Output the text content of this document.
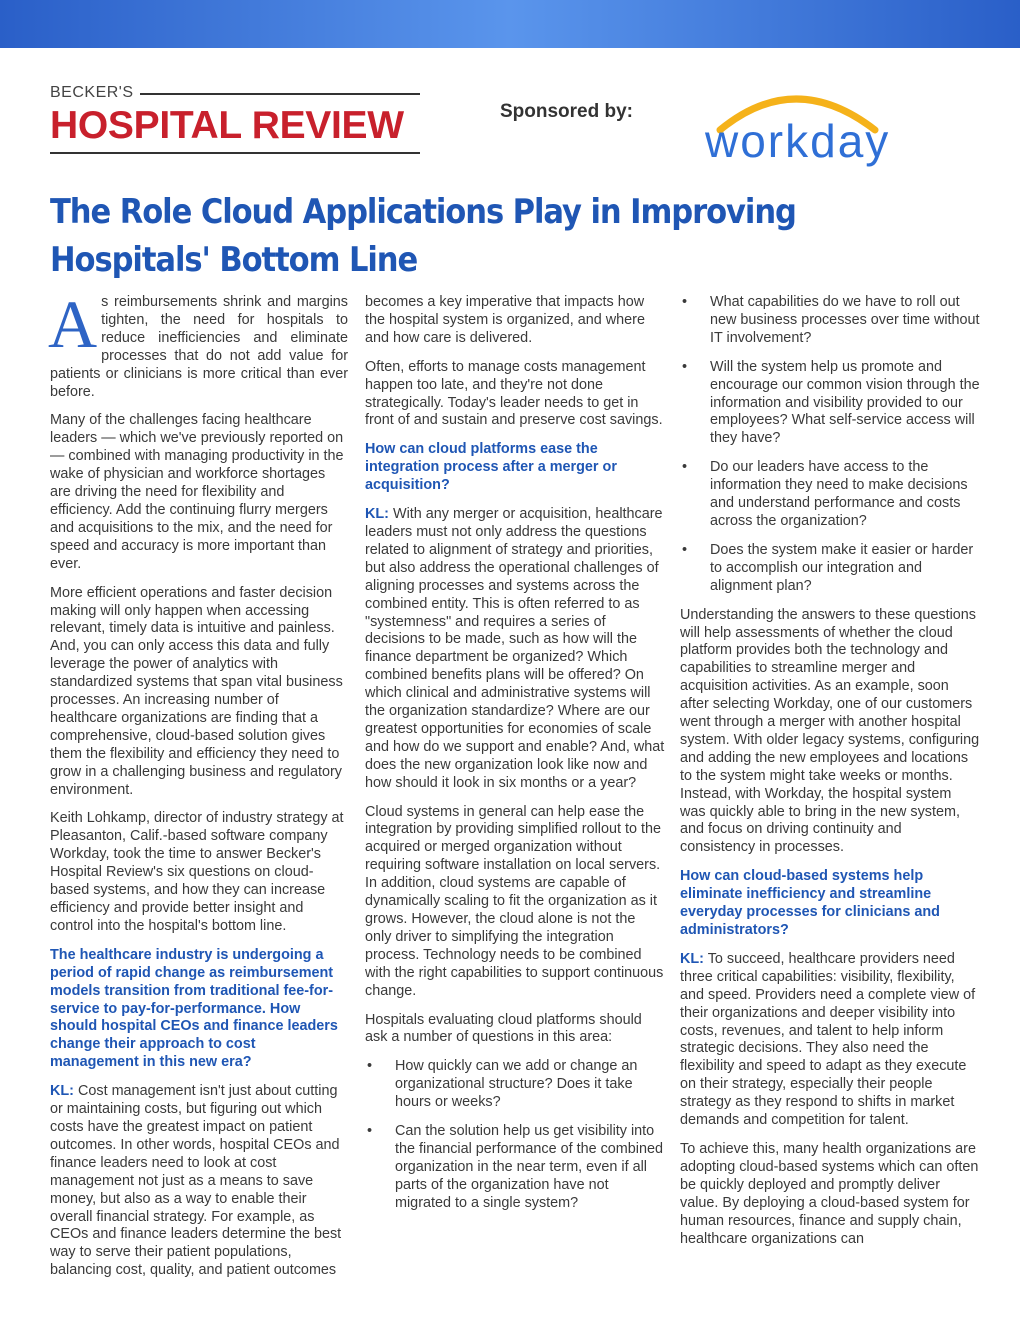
BECKER'S
HOSPITAL REVIEW	Sponsored by:
workday
The Role Cloud Applications Play in Improving Hospitals' Bottom Line

As reimbursements shrink and margins tighten, the need for hospitals to reduce inefficiencies and eliminate processes that do not add value for patients or clinicians is more critical than ever before.

Many of the challenges facing healthcare leaders — which we've previously reported on — combined with managing productivity in the wake of physician and workforce shortages are driving the need for flexibility and efficiency. Add the continuing flurry mergers and acquisitions to the mix, and the need for speed and accuracy is more important than ever.

More efficient operations and faster decision making will only happen when accessing relevant, timely data is intuitive and painless. And, you can only access this data and fully leverage the power of analytics with standardized systems that span vital business processes. An increasing number of healthcare organizations are finding that a comprehensive, cloud-based solution gives them the flexibility and efficiency they need to grow in a challenging business and regulatory environment.

Keith Lohkamp, director of industry strategy at Pleasanton, Calif.-based software company Workday, took the time to answer Becker's Hospital Review's six questions on cloud-based systems, and how they can increase efficiency and provide better insight and control into the hospital's bottom line.

The healthcare industry is undergoing a period of rapid change as reimbursement models transition from traditional fee-for-service to pay-for-performance. How should hospital CEOs and finance leaders change their approach to cost management in this new era?

KL: Cost management isn't just about cutting or maintaining costs, but figuring out which costs have the greatest impact on patient outcomes. In other words, hospital CEOs and finance leaders need to look at cost management not just as a means to save money, but also as a way to enable their overall financial strategy. For example, as CEOs and finance leaders determine the best way to serve their patient populations, balancing cost, quality, and patient outcomes

becomes a key imperative that impacts how the hospital system is organized, and where and how care is delivered.

Often, efforts to manage costs management happen too late, and they're not done strategically. Today's leader needs to get in front of and sustain and preserve cost savings.

How can cloud platforms ease the integration process after a merger or acquisition?

KL: With any merger or acquisition, healthcare leaders must not only address the questions related to alignment of strategy and priorities, but also address the operational challenges of aligning processes and systems across the combined entity. This is often referred to as "systemness" and requires a series of decisions to be made, such as how will the finance department be organized? Which combined benefits plans will be offered? On which clinical and administrative systems will the organization standardize? Where are our greatest opportunities for economies of scale and how do we support and enable? And, what does the new organization look like now and how should it look in six months or a year?

Cloud systems in general can help ease the integration by providing simplified rollout to the acquired or merged organization without requiring software installation on local servers. In addition, cloud systems are capable of dynamically scaling to fit the organization as it grows. However, the cloud alone is not the only driver to simplifying the integration process. Technology needs to be combined with the right capabilities to support continuous change.

Hospitals evaluating cloud platforms should ask a number of questions in this area:

• How quickly can we add or change an organizational structure? Does it take hours or weeks?
• Can the solution help us get visibility into the financial performance of the combined organization in the near term, even if all parts of the organization have not migrated to a single system?
• What capabilities do we have to roll out new business processes over time without IT involvement?
• Will the system help us promote and encourage our common vision through the information and visibility provided to our employees? What self-service access will they have?
• Do our leaders have access to the information they need to make decisions and understand performance and costs across the organization?
• Does the system make it easier or harder to accomplish our integration and alignment plan?

Understanding the answers to these questions will help assessments of whether the cloud platform provides both the technology and capabilities to streamline merger and acquisition activities. As an example, soon after selecting Workday, one of our customers went through a merger with another hospital system. With older legacy systems, configuring and adding the new employees and locations to the system might take weeks or months. Instead, with Workday, the hospital system was quickly able to bring in the new system, and focus on driving continuity and consistency in processes.

How can cloud-based systems help eliminate inefficiency and streamline everyday processes for clinicians and administrators?

KL: To succeed, healthcare providers need three critical capabilities: visibility, flexibility, and speed. Providers need a complete view of their organizations and deeper visibility into costs, revenues, and talent to help inform strategic decisions. They also need the flexibility and speed to adapt as they execute on their strategy, especially their people strategy as they respond to shifts in market demands and competition for talent.

To achieve this, many health organizations are adopting cloud-based systems which can often be quickly deployed and promptly deliver value. By deploying a cloud-based system for human resources, finance and supply chain, healthcare organizations can
